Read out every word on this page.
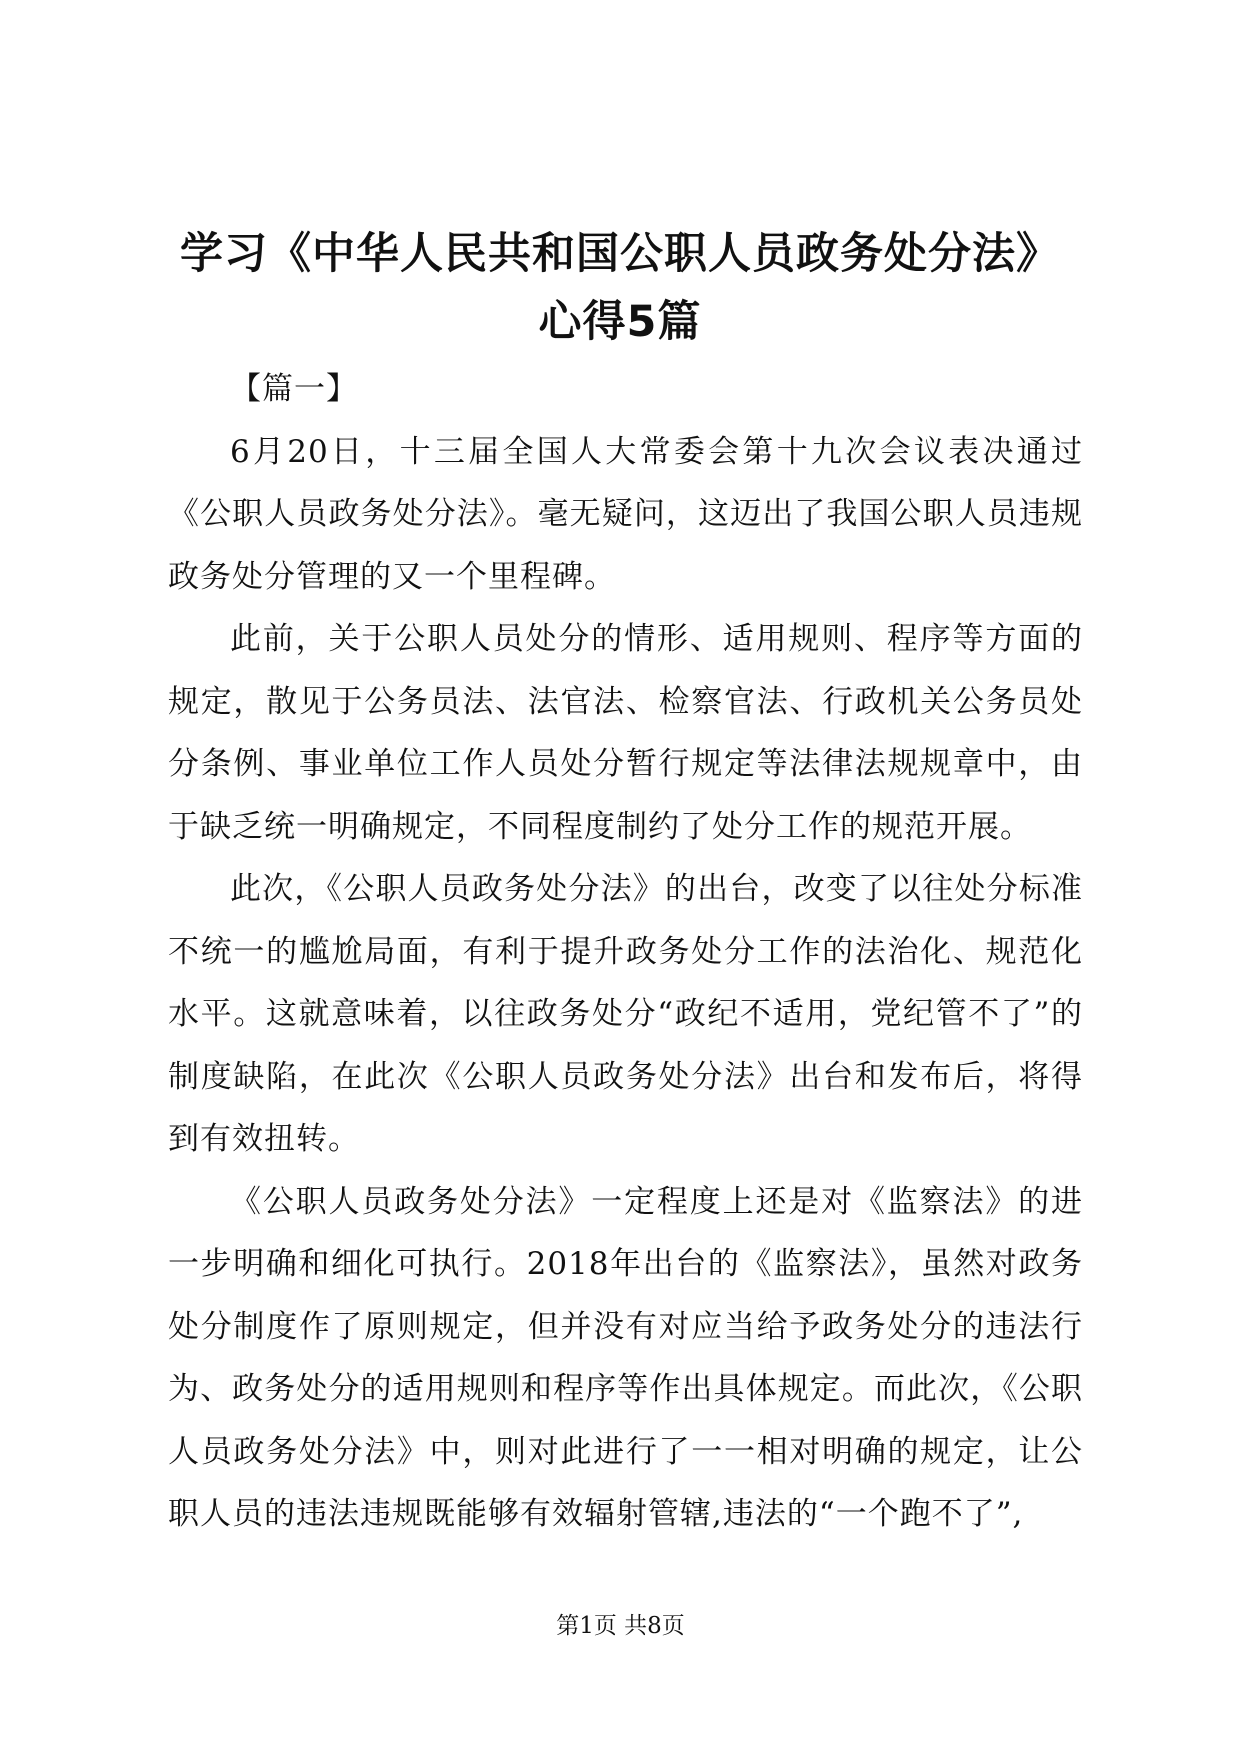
学习《中华人民共和国公职人员政务处分法》
心得5篇

【篇一】

6月20日，十三届全国人大常委会第十九次会议表决通过《公职人员政务处分法》。毫无疑问，这迈出了我国公职人员违规政务处分管理的又一个里程碑。

此前，关于公职人员处分的情形、适用规则、程序等方面的规定，散见于公务员法、法官法、检察官法、行政机关公务员处分条例、事业单位工作人员处分暂行规定等法律法规规章中，由于缺乏统一明确规定，不同程度制约了处分工作的规范开展。

此次，《公职人员政务处分法》的出台，改变了以往处分标准不统一的尴尬局面，有利于提升政务处分工作的法治化、规范化水平。这就意味着，以往政务处分“政纪不适用，党纪管不了”的制度缺陷，在此次《公职人员政务处分法》出台和发布后，将得到有效扭转。

《公职人员政务处分法》一定程度上还是对《监察法》的进一步明确和细化可执行。2018年出台的《监察法》，虽然对政务处分制度作了原则规定，但并没有对应当给予政务处分的违法行为、政务处分的适用规则和程序等作出具体规定。而此次，《公职人员政务处分法》中，则对此进行了一一相对明确的规定，让公职人员的违法违规既能够有效辐射管辖,违法的“一个跑不了”,

第1页 共8页
